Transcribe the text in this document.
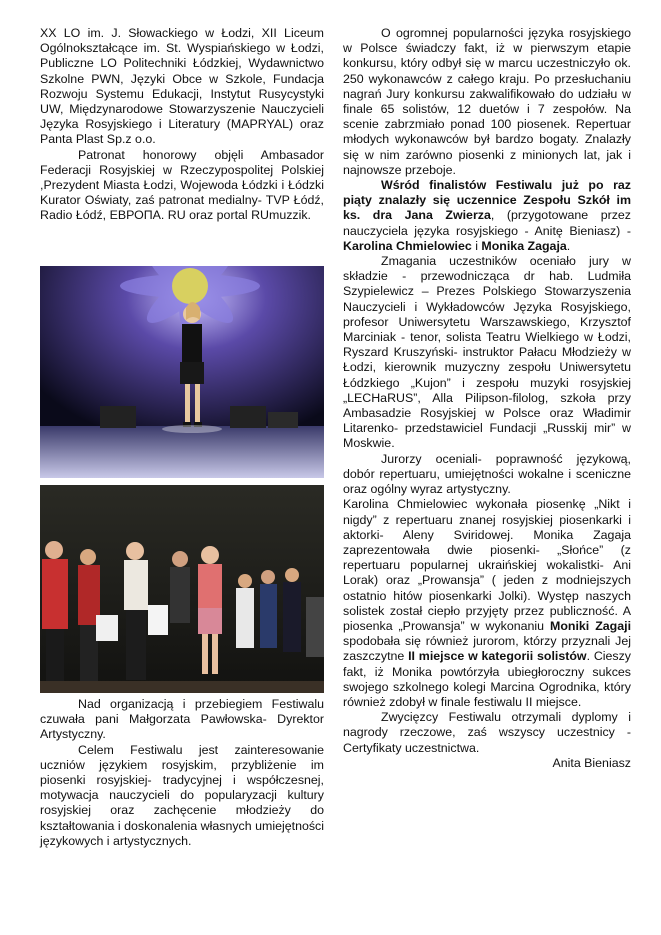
XX LO im. J. Słowackiego w Łodzi, XII Liceum Ogólnokształcące im. St. Wyspiańskiego w Łodzi, Publiczne LO Politechniki Łódzkiej, Wydawnictwo Szkolne PWN, Języki Obce w Szkole, Fundacja Rozwoju Systemu Edukacji, Instytut Rusycystyki UW, Międzynarodowe Stowarzyszenie Nauczycieli Języka Rosyjskiego i Literatury (MAPRYAL) oraz Panta Plast Sp.z o.o.

Patronat honorowy objęli Ambasador Federacji Rosyjskiej w Rzeczypospolitej Polskiej ,Prezydent Miasta Łodzi, Wojewoda Łódzki i Łódzki Kurator Oświaty, zaś patronat medialny- TVP Łódź, Radio Łódź, ЕВРОПА. RU oraz portal RUmuzzik.

Nad organizacją i przebiegiem Festiwalu czuwała pani Małgorzata Pawłowska- Dyrektor Artystyczny.

Celem Festiwalu jest zainteresowanie uczniów językiem rosyjskim, przybliżenie im piosenki rosyjskiej- tradycyjnej i współczesnej, motywacja nauczycieli do popularyzacji kultury rosyjskiej oraz zachęcenie młodzieży do kształtowania i doskonalenia własnych umiejętności językowych i artystycznych.

O ogromnej popularności języka rosyjskiego w Polsce świadczy fakt, iż w pierwszym etapie konkursu, który odbył się w marcu uczestniczyło ok. 250 wykonawców z całego kraju. Po przesłuchaniu nagrań Jury konkursu zakwalifikowało do udziału w finale 65 solistów, 12 duetów i 7 zespołów. Na scenie zabrzmiało ponad 100 piosenek. Repertuar młodych wykonawców był bardzo bogaty. Znalazły się w nim zarówno piosenki z minionych lat, jak i najnowsze przeboje.

Wśród finalistów Festiwalu już po raz piąty znalazły się uczennice Zespołu Szkół im ks. dra Jana Zwierza, (przygotowane przez nauczyciela języka rosyjskiego - Anitę Bieniasz) - Karolina Chmielowiec i Monika Zagaja.

Zmagania uczestników oceniało jury w składzie - przewodnicząca dr hab. Ludmiła Szypielewicz – Prezes Polskiego Stowarzyszenia Nauczycieli i Wykładowców Języka Rosyjskiego, profesor Uniwersytetu Warszawskiego, Krzysztof Marciniak - tenor, solista Teatru Wielkiego w Łodzi, Ryszard Kruszyński- instruktor Pałacu Młodzieży w Łodzi, kierownik muzyczny zespołu Uniwersytetu Łódzkiego „Kujon” i zespołu muzyki rosyjskiej „LECHaRUS”, Alla Pilipson-filolog, szkoła przy Ambasadzie Rosyjskiej w Polsce oraz Władimir Litarenko- przedstawiciel Fundacji „Russkij mir” w Moskwie.

Jurorzy oceniali- poprawność językową, dobór repertuaru, umiejętności wokalne i sceniczne oraz ogólny wyraz artystyczny.

Karolina Chmielowiec wykonała piosenkę „Nikt i nigdy” z repertuaru znanej rosyjskiej piosenkarki i aktorki- Aleny Sviridowej. Monika Zagaja zaprezentowała dwie piosenki- „Słońce” (z repertuaru popularnej ukraińskiej wokalistki- Ani Lorak) oraz „Prowansja” ( jeden z modniejszych ostatnio hitów piosenkarki Jolki). Występ naszych solistek został ciepło przyjęty przez publiczność. A piosenka „Prowansja” w wykonaniu Moniki Zagaji spodobała się również jurorom, którzy przyznali Jej zaszczytne II miejsce w kategorii solistów. Cieszy fakt, iż Monika powtórzyła ubiegłoroczny sukces swojego szkolnego kolegi Marcina Ogrodnika, który również zdobył w finale festiwalu II miejsce.

Zwycięzcy Festiwalu otrzymali dyplomy i nagrody rzeczowe, zaś wszyscy uczestnicy - Certyfikaty uczestnictwa.

Anita Bieniasz
